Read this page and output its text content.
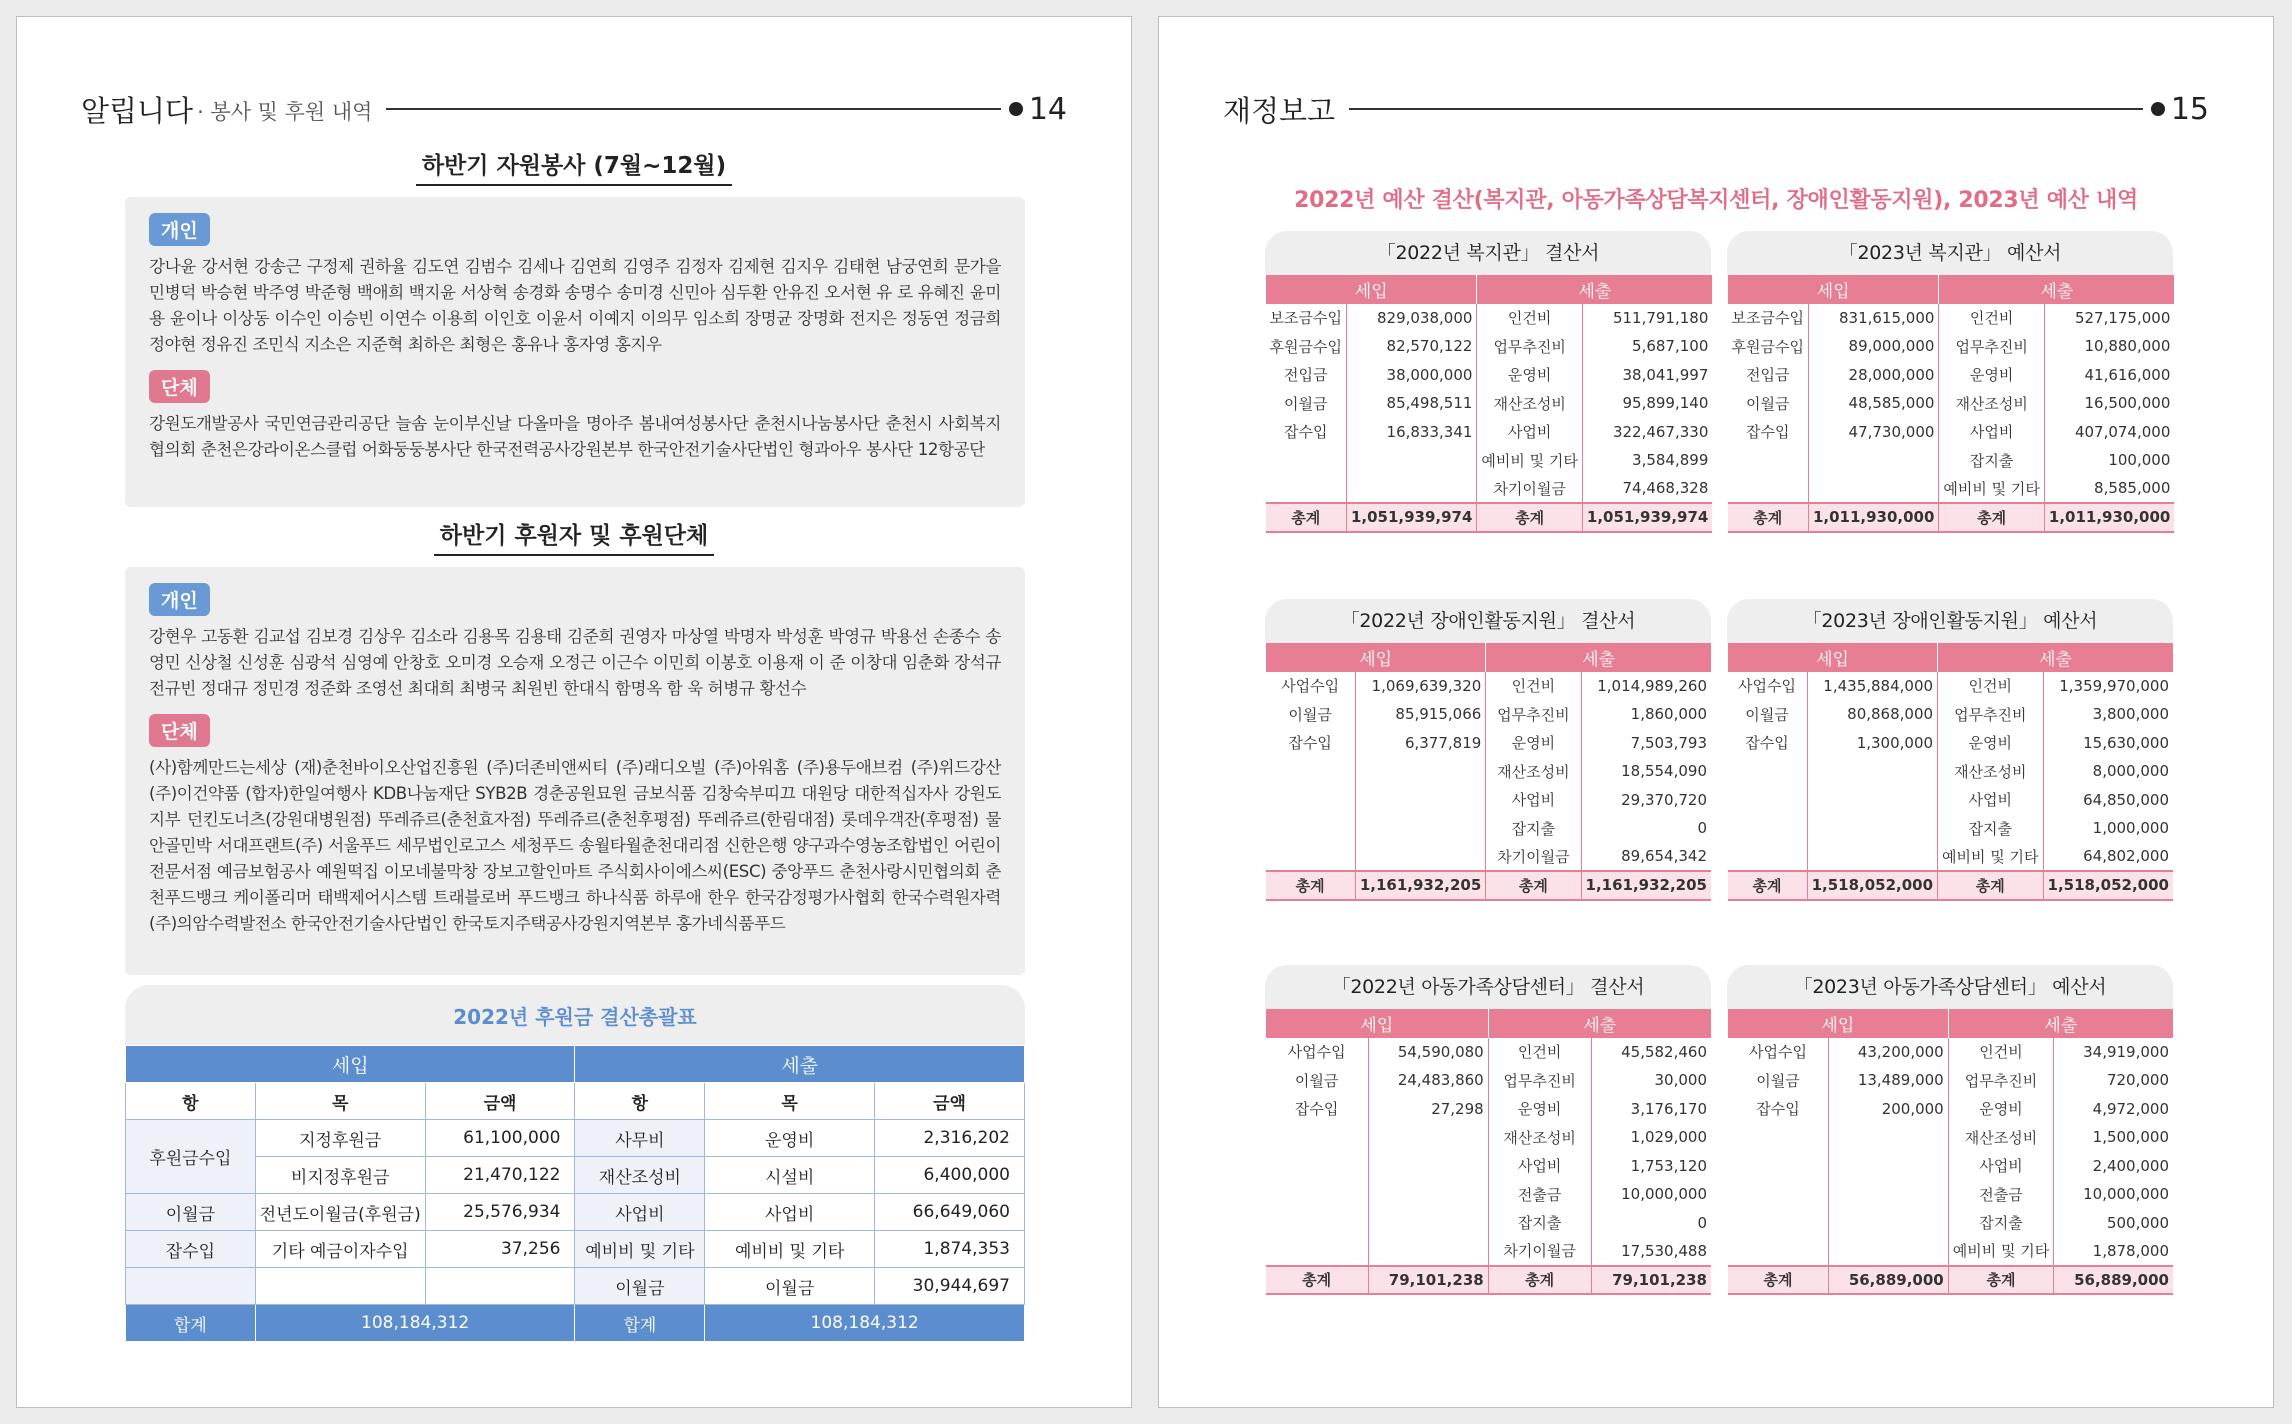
알립니다 · 봉사 및 후원 내역	14
하반기 자원봉사 (7월~12월)
개인

강나윤 강서현 강송근 구정제 권하율 김도연 김범수 김세나 김연희 김영주 김정자 김제현 김지우 김태현 남궁연희 문가을 민병덕 박승현 박주영 박준형 백애희 백지윤 서상혁 송경화 송명수 송미경 신민아 심두환 안유진 오서현 유 로 유혜진 윤미용 윤이나 이상동 이수인 이승빈 이연수 이용희 이인호 이윤서 이예지 이의무 임소희 장명균 장명화 전지은 정동연 정금희 정야현 정유진 조민식 지소은 지준혁 최하은 최형은 홍유나 홍자영 홍지우

단체

강원도개발공사 국민연금관리공단 늘솜 눈이부신날 다올마을 명아주 봄내여성봉사단 춘천시나눔봉사단 춘천시 사회복지협의회 춘천은강라이온스클럽 어화둥둥봉사단 한국전력공사강원본부 한국안전기술사단법인 형과아우 봉사단 12항공단

하반기 후원자 및 후원단체
개인

강현우 고동환 김교섭 김보경 김상우 김소라 김용목 김용태 김준희 권영자 마상열 박명자 박성훈 박영규 박용선 손종수 송영민 신상철 신성훈 심광석 심영예 안창호 오미경 오승재 오정근 이근수 이민희 이봉호 이용재 이 준 이창대 임춘화 장석규 전규빈 정대규 정민경 정준화 조영선 최대희 최병국 최원빈 한대식 함명옥 함 욱 허병규 황선수

단체

(사)함께만드는세상 (재)춘천바이오산업진흥원 (주)더존비앤씨티 (주)래디오빌 (주)아워홈 (주)용두애브컴 (주)위드강산 (주)이건약품 (합자)한일여행사 KDB나눔재단 SYB2B 경춘공원묘원 금보식품 김창숙부띠끄 대원당 대한적십자사 강원도지부 던킨도너츠(강원대병원점) 뚜레쥬르(춘천효자점) 뚜레쥬르(춘천후평점) 뚜레쥬르(한림대점) 롯데우객잔(후평점) 물안골민박 서대프랜트(주) 서울푸드 세무법인로고스 세청푸드 송월타월춘천대리점 신한은행 양구과수영농조합법인 어린이전문서점 예금보험공사 예원떡집 이모네불막창 장보고할인마트 주식회사이에스씨(ESC) 중앙푸드 춘천사랑시민협의회 춘천푸드뱅크 케이폴리머 태백제어시스템 트래블로버 푸드뱅크 하나식품 하루애 한우 한국감정평가사협회 한국수력원자력(주)의암수력발전소 한국안전기술사단법인 한국토지주택공사강원지역본부 홍가네식품푸드

2022년 후원금 결산총괄표
세입			세출		
항	목	금액	항	목	금액
후원금수입	지정후원금	61,100,000	사무비	운영비	2,316,202
	비지정후원금	21,470,122	재산조성비	시설비	6,400,000
이월금	전년도이월금(후원금)	25,576,934	사업비	사업비	66,649,060
잡수입	기타 예금이자수입	37,256	예비비 및 기타	예비비 및 기타	1,874,353
			이월금	이월금	30,944,697
합계	108,184,312		합계	108,184,312	
재정보고	15
2022년 예산 결산(복지관, 아동가족상담복지센터, 장애인활동지원), 2023년 예산 내역
「2022년 복지관」 결산서
세입		세출	
보조금수입	829,038,000	인건비	511,791,180
후원금수입	82,570,122	업무추진비	5,687,100
전입금	38,000,000	운영비	38,041,997
이월금	85,498,511	재산조성비	95,899,140
잡수입	16,833,341	사업비	322,467,330
		예비비 및 기타	3,584,899
		차기이월금	74,468,328
총계	1,051,939,974	총계	1,051,939,974
「2023년 복지관」 예산서
세입		세출	
보조금수입	831,615,000	인건비	527,175,000
후원금수입	89,000,000	업무추진비	10,880,000
전입금	28,000,000	운영비	41,616,000
이월금	48,585,000	재산조성비	16,500,000
잡수입	47,730,000	사업비	407,074,000
		잡지출	100,000
		예비비 및 기타	8,585,000
총계	1,011,930,000	총계	1,011,930,000
「2022년 장애인활동지원」 결산서
세입		세출	
사업수입	1,069,639,320	인건비	1,014,989,260
이월금	85,915,066	업무추진비	1,860,000
잡수입	6,377,819	운영비	7,503,793
		재산조성비	18,554,090
		사업비	29,370,720
		잡지출	0
		차기이월금	89,654,342
총계	1,161,932,205	총계	1,161,932,205
「2023년 장애인활동지원」 예산서
세입		세출	
사업수입	1,435,884,000	인건비	1,359,970,000
이월금	80,868,000	업무추진비	3,800,000
잡수입	1,300,000	운영비	15,630,000
		재산조성비	8,000,000
		사업비	64,850,000
		잡지출	1,000,000
		예비비 및 기타	64,802,000
총계	1,518,052,000	총계	1,518,052,000
「2022년 아동가족상담센터」 결산서
세입		세출	
사업수입	54,590,080	인건비	45,582,460
이월금	24,483,860	업무추진비	30,000
잡수입	27,298	운영비	3,176,170
		재산조성비	1,029,000
		사업비	1,753,120
		전출금	10,000,000
		잡지출	0
		차기이월금	17,530,488
총계	79,101,238	총계	79,101,238
「2023년 아동가족상담센터」 예산서
세입		세출	
사업수입	43,200,000	인건비	34,919,000
이월금	13,489,000	업무추진비	720,000
잡수입	200,000	운영비	4,972,000
		재산조성비	1,500,000
		사업비	2,400,000
		전출금	10,000,000
		잡지출	500,000
		예비비 및 기타	1,878,000
총계	56,889,000	총계	56,889,000
